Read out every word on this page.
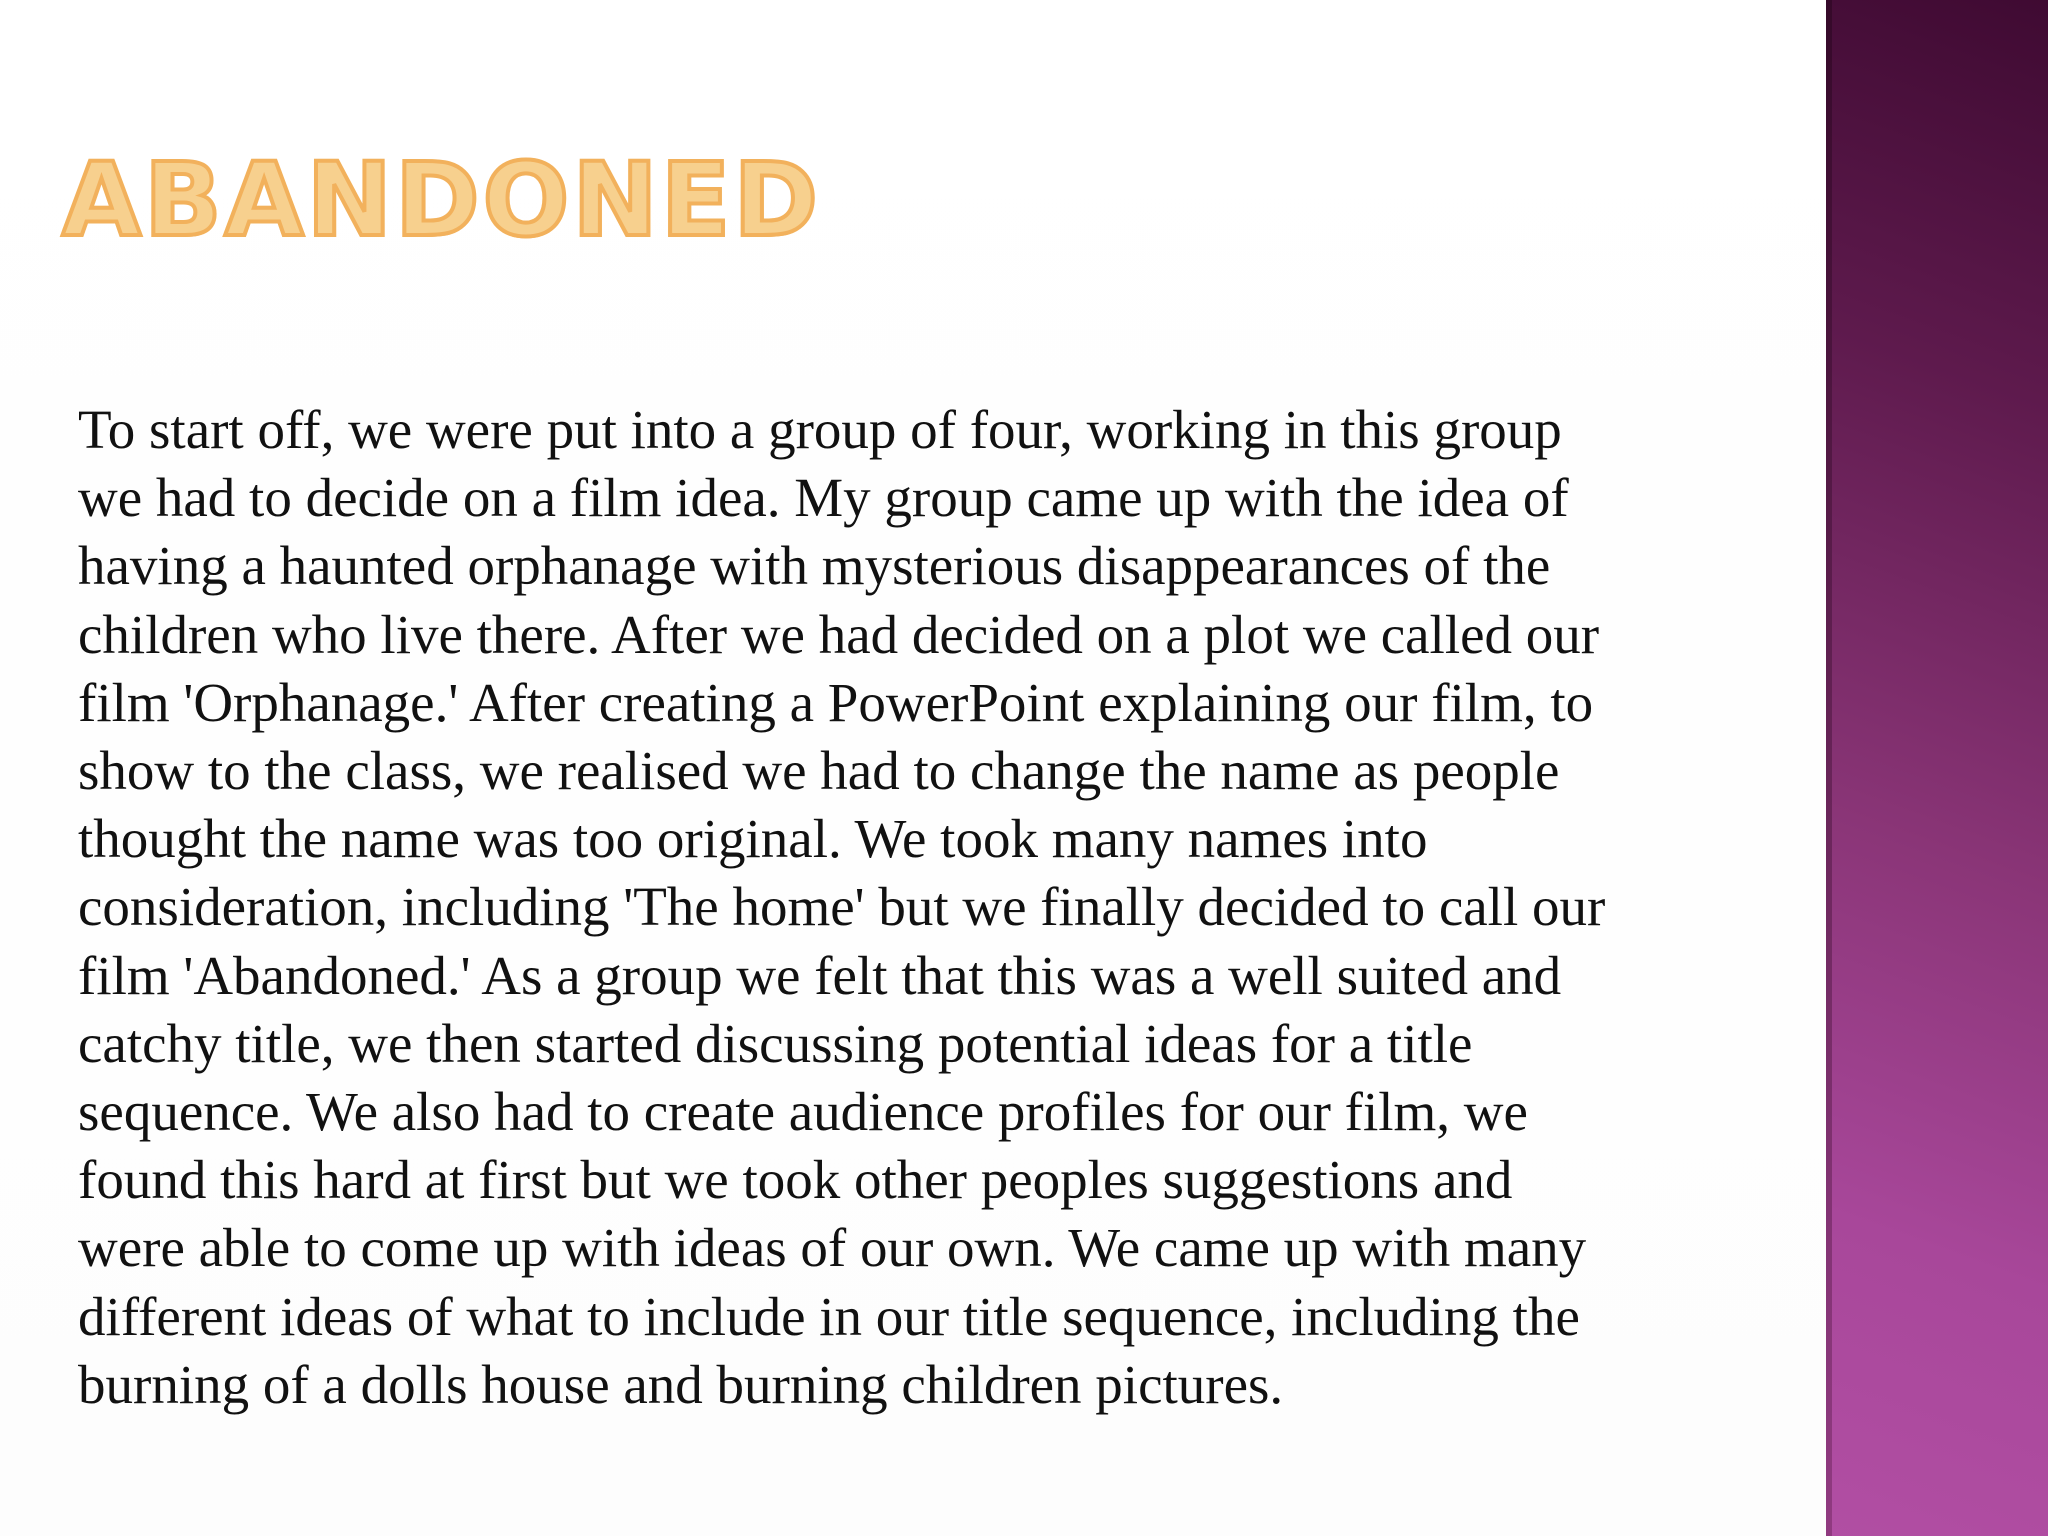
ABANDONED

To start off, we were put into a group of four, working in this group
we had to decide on a film idea. My group came up with the idea of
having a haunted orphanage with mysterious disappearances of the
children who live there. After we had decided on a plot we called our
film 'Orphanage.' After creating a PowerPoint explaining our film, to
show to the class, we realised we had to change the name as people
thought the name was too original. We took many names into
consideration, including 'The home' but we finally decided to call our
film 'Abandoned.' As a group we felt that this was a well suited and
catchy title, we then started discussing potential ideas for a title
sequence. We also had to create audience profiles for our film, we
found this hard at first but we took other peoples suggestions and
were able to come up with ideas of our own. We came up with many
different ideas of what to include in our title sequence, including the
burning of a dolls house and burning children pictures.
